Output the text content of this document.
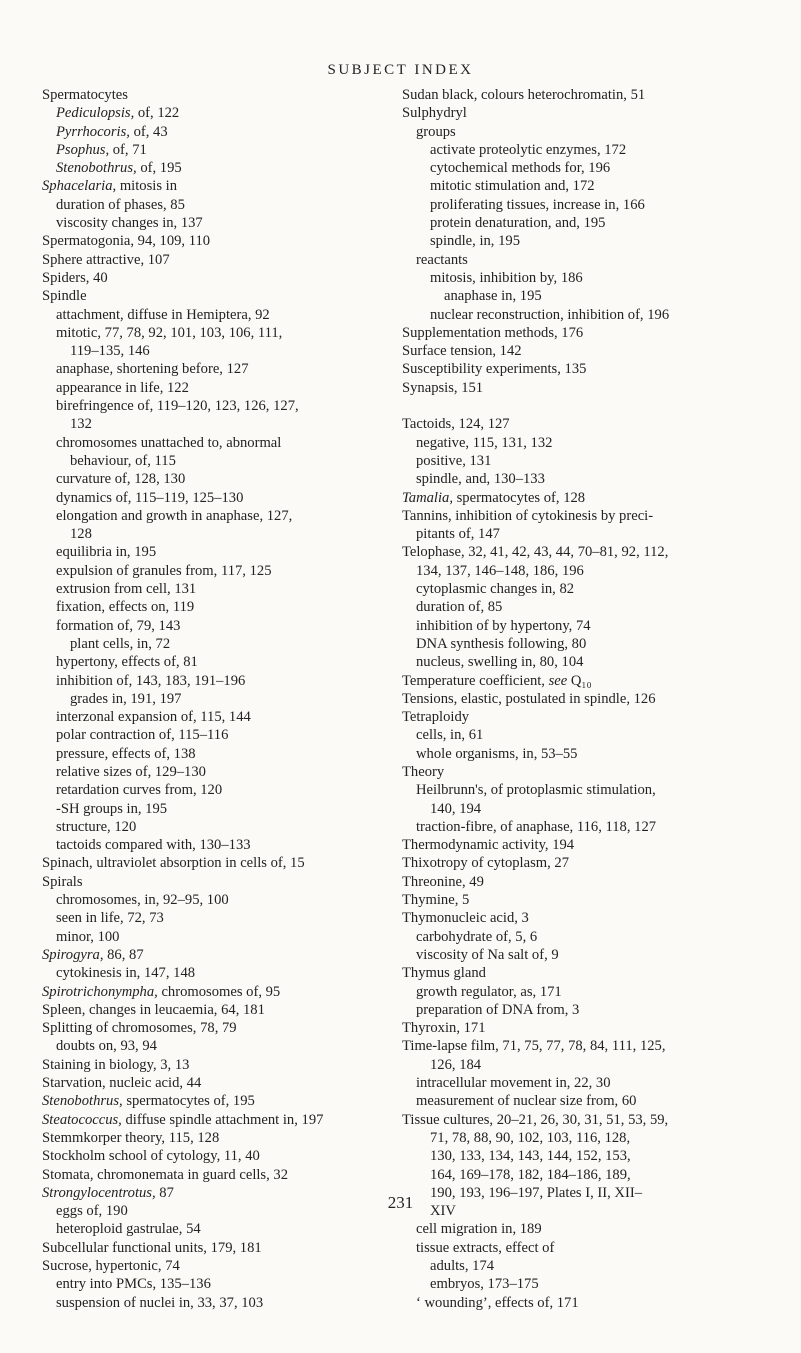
SUBJECT INDEX
Spermatocytes
Pediculopsis, of, 122
Pyrrhocoris, of, 43
Psophus, of, 71
Stenobothrus, of, 195
Sphacelaria, mitosis in
duration of phases, 85
viscosity changes in, 137
Spermatogonia, 94, 109, 110
Sphere attractive, 107
Spiders, 40
Spindle
attachment, diffuse in Hemiptera, 92
mitotic, 77, 78, 92, 101, 103, 106, 111,
119–135, 146
anaphase, shortening before, 127
appearance in life, 122
birefringence of, 119–120, 123, 126, 127,
132
chromosomes unattached to, abnormal
behaviour, of, 115
curvature of, 128, 130
dynamics of, 115–119, 125–130
elongation and growth in anaphase, 127,
128
equilibria in, 195
expulsion of granules from, 117, 125
extrusion from cell, 131
fixation, effects on, 119
formation of, 79, 143
plant cells, in, 72
hypertony, effects of, 81
inhibition of, 143, 183, 191–196
grades in, 191, 197
interzonal expansion of, 115, 144
polar contraction of, 115–116
pressure, effects of, 138
relative sizes of, 129–130
retardation curves from, 120
-SH groups in, 195
structure, 120
tactoids compared with, 130–133
Spinach, ultraviolet absorption in cells of, 15
Spirals
chromosomes, in, 92–95, 100
seen in life, 72, 73
minor, 100
Spirogyra, 86, 87
cytokinesis in, 147, 148
Spirotrichonympha, chromosomes of, 95
Spleen, changes in leucaemia, 64, 181
Splitting of chromosomes, 78, 79
doubts on, 93, 94
Staining in biology, 3, 13
Starvation, nucleic acid, 44
Stenobothrus, spermatocytes of, 195
Steatococcus, diffuse spindle attachment in, 197
Stemmkorper theory, 115, 128
Stockholm school of cytology, 11, 40
Stomata, chromonemata in guard cells, 32
Strongylocentrotus, 87
eggs of, 190
heteroploid gastrulae, 54
Subcellular functional units, 179, 181
Sucrose, hypertonic, 74
entry into PMCs, 135–136
suspension of nuclei in, 33, 37, 103
Sudan black, colours heterochromatin, 51
Sulphydryl
groups
activate proteolytic enzymes, 172
cytochemical methods for, 196
mitotic stimulation and, 172
proliferating tissues, increase in, 166
protein denaturation, and, 195
spindle, in, 195
reactants
mitosis, inhibition by, 186
anaphase in, 195
nuclear reconstruction, inhibition of, 196
Supplementation methods, 176
Surface tension, 142
Susceptibility experiments, 135
Synapsis, 151
Tactoids, 124, 127
negative, 115, 131, 132
positive, 131
spindle, and, 130–133
Tamalia, spermatocytes of, 128
Tannins, inhibition of cytokinesis by preci-
pitants of, 147
Telophase, 32, 41, 42, 43, 44, 70–81, 92, 112,
134, 137, 146–148, 186, 196
cytoplasmic changes in, 82
duration of, 85
inhibition of by hypertony, 74
DNA synthesis following, 80
nucleus, swelling in, 80, 104
Temperature coefficient, see Q₁₀
Tensions, elastic, postulated in spindle, 126
Tetraploidy
cells, in, 61
whole organisms, in, 53–55
Theory
Heilbrunn's, of protoplasmic stimulation,
140, 194
traction-fibre, of anaphase, 116, 118, 127
Thermodynamic activity, 194
Thixotropy of cytoplasm, 27
Threonine, 49
Thymine, 5
Thymonucleic acid, 3
carbohydrate of, 5, 6
viscosity of Na salt of, 9
Thymus gland
growth regulator, as, 171
preparation of DNA from, 3
Thyroxin, 171
Time-lapse film, 71, 75, 77, 78, 84, 111, 125,
126, 184
intracellular movement in, 22, 30
measurement of nuclear size from, 60
Tissue cultures, 20–21, 26, 30, 31, 51, 53, 59,
71, 78, 88, 90, 102, 103, 116, 128,
130, 133, 134, 143, 144, 152, 153,
164, 169–178, 182, 184–186, 189,
190, 193, 196–197, Plates I, II, XII–
XIV
cell migration in, 189
tissue extracts, effect of
adults, 174
embryos, 173–175
‘ wounding’, effects of, 171
231
